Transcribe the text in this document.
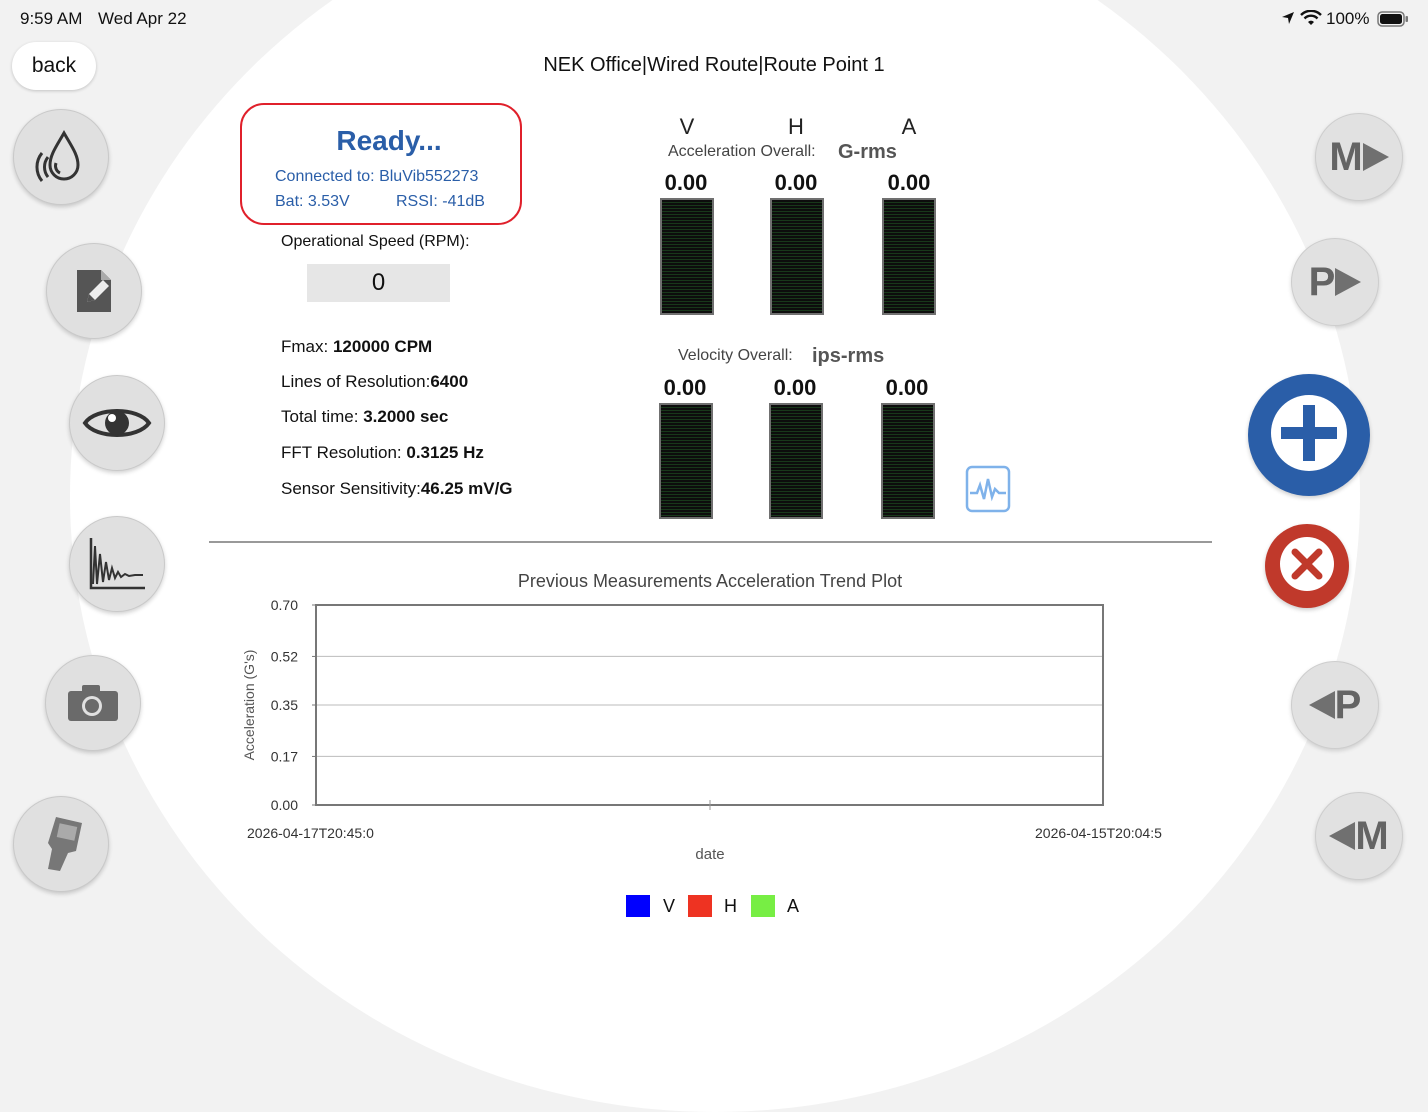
9:59 AM Wed Apr 22	100%
back	NEK Office|Wired Route|Route Point 1
Ready...
Connected to: BluVib552273
Bat: 3.53V	RSSI: -41dB
Operational Speed (RPM):
0
Fmax: 120000 CPM
Lines of Resolution:6400
Total time: 3.2000 sec
FFT Resolution: 0.3125 Hz
Sensor Sensitivity:46.25 mV/G
V	H	A
Acceleration Overall: G-rms
0.00	0.00	0.00
Velocity Overall: ips-rms
0.00	0.00	0.00
Previous Measurements Acceleration Trend Plot
0.70
0.52
0.35
0.17
0.00
Acceleration (G's)
2026-04-17T20:45:0	2026-04-15T20:04:5
date
V	H	A
M
P
P
M
